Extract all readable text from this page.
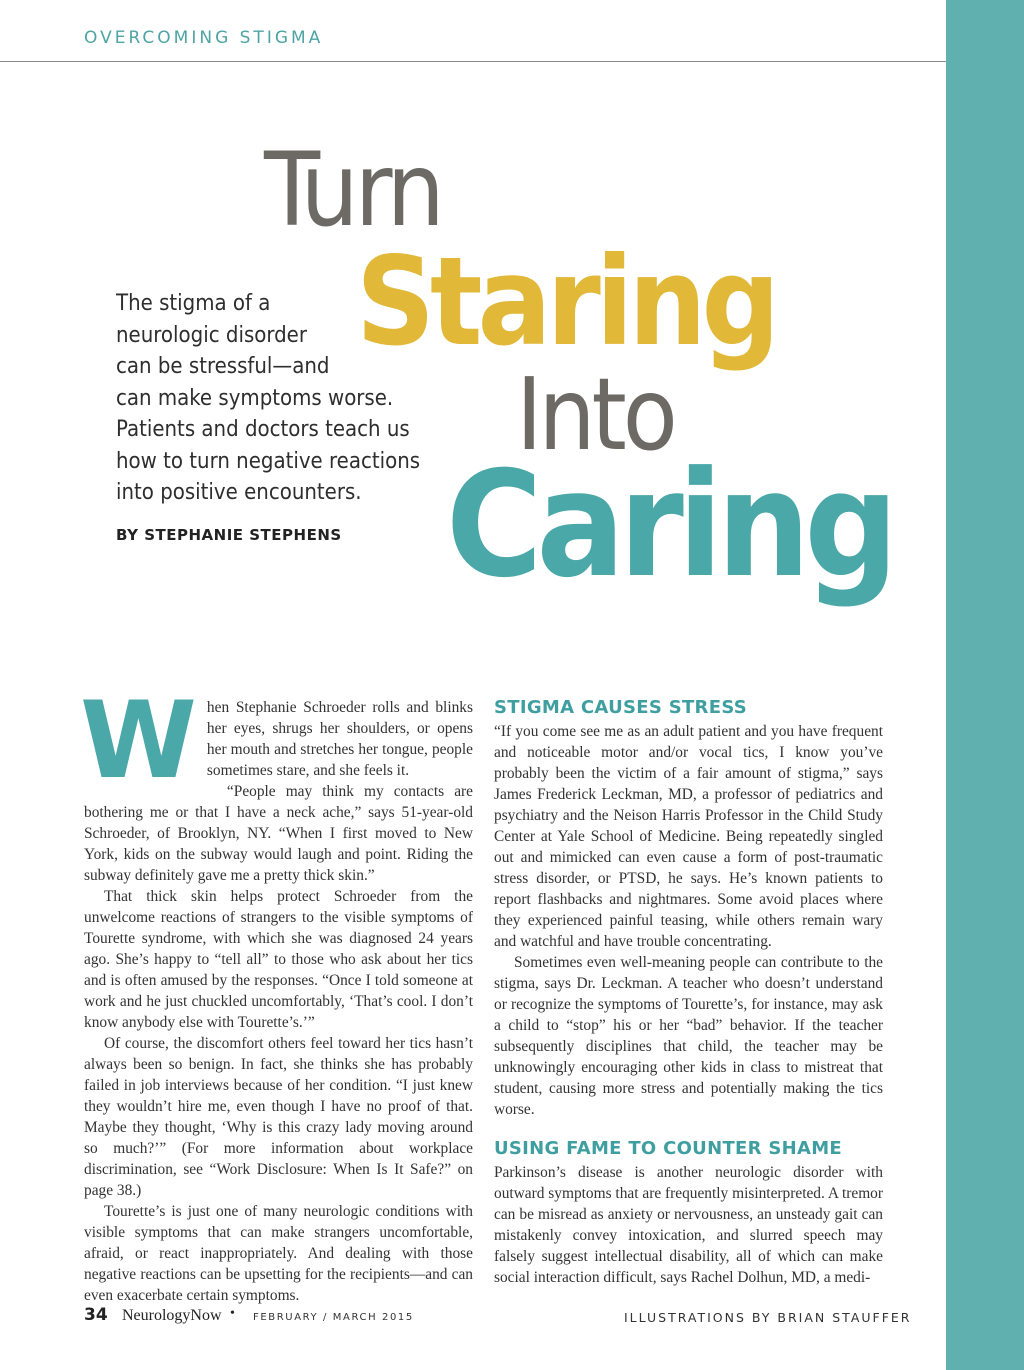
OVERCOMING STIGMA
Turn
Staring
Into
Caring
The stigma of a
neurologic disorder
can be stressful—and
can make symptoms worse.
Patients and doctors teach us
how to turn negative reactions
into positive encounters.
BY STEPHANIE STEPHENS
W hen Stephanie Schroeder rolls and blinks her eyes, shrugs her shoulders, or opens her mouth and stretches her tongue, people sometimes stare, and she feels it.

“People may think my contacts are bothering me or that I have a neck ache,” says 51-year-old Schroeder, of Brooklyn, NY. “When I first moved to New York, kids on the subway would laugh and point. Riding the subway definitely gave me a pretty thick skin.”

That thick skin helps protect Schroeder from the unwelcome reactions of strangers to the visible symptoms of Tourette syndrome, with which she was diagnosed 24 years ago. She’s happy to “tell all” to those who ask about her tics and is often amused by the responses. “Once I told someone at work and he just chuckled uncomfortably, ‘That’s cool. I don’t know anybody else with Tourette’s.’”

Of course, the discomfort others feel toward her tics hasn’t always been so benign. In fact, she thinks she has probably failed in job interviews because of her condition. “I just knew they wouldn’t hire me, even though I have no proof of that. Maybe they thought, ‘Why is this crazy lady moving around so much?’” (For more information about workplace discrimination, see “Work Disclosure: When Is It Safe?” on page 38.)

Tourette’s is just one of many neurologic conditions with visible symptoms that can make strangers uncomfortable, afraid, or react inappropriately. And dealing with those negative reactions can be upsetting for the recipients—and can even exacerbate certain symptoms.

STIGMA CAUSES STRESS

“If you come see me as an adult patient and you have frequent and noticeable motor and/or vocal tics, I know you’ve probably been the victim of a fair amount of stigma,” says James Frederick Leckman, MD, a professor of pediatrics and psychiatry and the Neison Harris Professor in the Child Study Center at Yale School of Medicine. Being repeatedly singled out and mimicked can even cause a form of post-traumatic stress disorder, or PTSD, he says. He’s known patients to report flashbacks and nightmares. Some avoid places where they experienced painful teasing, while others remain wary and watchful and have trouble concentrating.

Sometimes even well-meaning people can contribute to the stigma, says Dr. Leckman. A teacher who doesn’t understand or recognize the symptoms of Tourette’s, for instance, may ask a child to “stop” his or her “bad” behavior. If the teacher subsequently disciplines that child, the teacher may be unknowingly encouraging other kids in class to mistreat that student, causing more stress and potentially making the tics worse.

USING FAME TO COUNTER SHAME

Parkinson’s disease is another neurologic disorder with outward symptoms that are frequently misinterpreted. A tremor can be misread as anxiety or nervousness, an unsteady gait can mistakenly convey intoxication, and slurred speech may falsely suggest intellectual disability, all of which can make social interaction difficult, says Rachel Dolhun, MD, a medi-

34 NeurologyNow • FEBRUARY / MARCH 2015	ILLUSTRATIONS BY BRIAN STAUFFER
